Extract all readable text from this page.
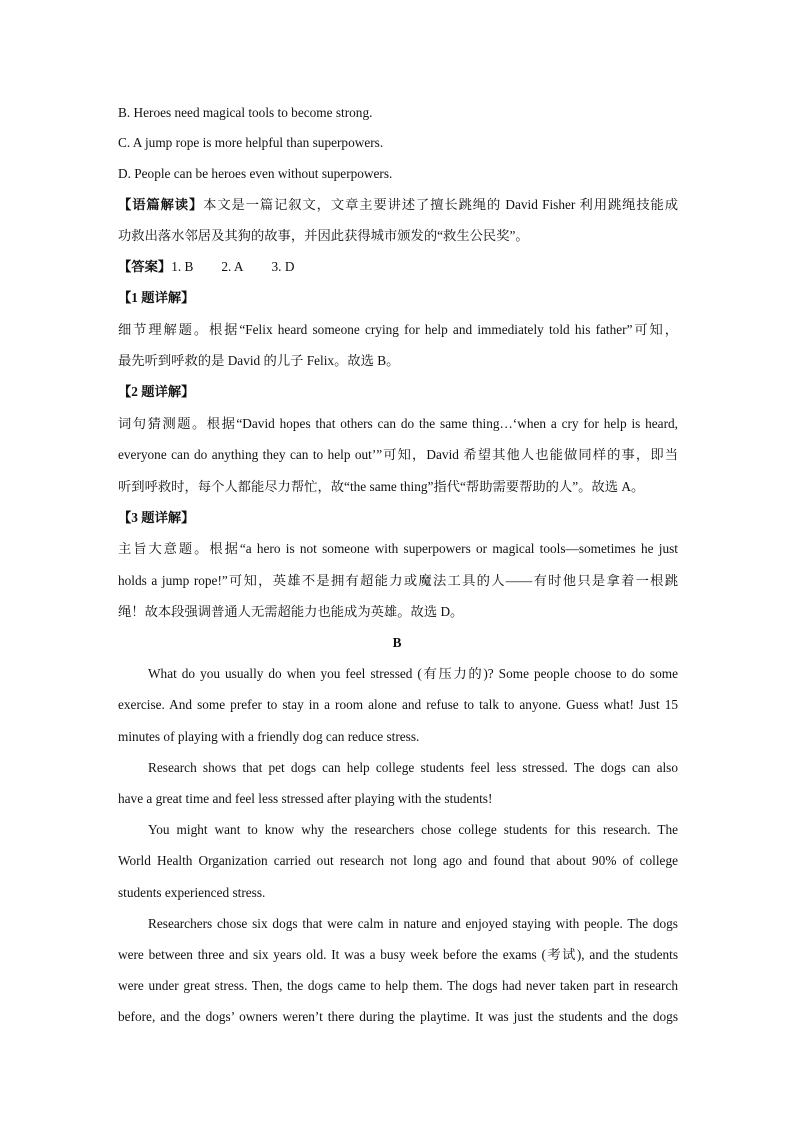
B. Heroes need magical tools to become strong.
C. A jump rope is more helpful than superpowers.
D. People can be heroes even without superpowers.
【语篇解读】本文是一篇记叙文，文章主要讲述了擅长跳绳的 David Fisher 利用跳绳技能成
功救出落水邻居及其狗的故事，并因此获得城市颁发的“救生公民奖”。
【答案】1. B 2. A 3. D
【1 题详解】
细节理解题。根据“Felix heard someone crying for help and immediately told his father”可知，
最先听到呼救的是 David 的儿子 Felix。故选 B。
【2 题详解】
词句猜测题。根据“David hopes that others can do the same thing…‘when a cry for help is heard,
everyone can do anything they can to help out’”可知，David 希望其他人也能做同样的事，即当
听到呼救时，每个人都能尽力帮忙，故“the same thing”指代“帮助需要帮助的人”。故选 A。
【3 题详解】
主旨大意题。根据“a hero is not someone with superpowers or magical tools—sometimes he just
holds a jump rope!”可知，英雄不是拥有超能力或魔法工具的人——有时他只是拿着一根跳
绳！故本段强调普通人无需超能力也能成为英雄。故选 D。
B
What do you usually do when you feel stressed (有压力的)? Some people choose to do some
exercise. And some prefer to stay in a room alone and refuse to talk to anyone. Guess what! Just 15
minutes of playing with a friendly dog can reduce stress.
Research shows that pet dogs can help college students feel less stressed. The dogs can also
have a great time and feel less stressed after playing with the students!
You might want to know why the researchers chose college students for this research. The
World Health Organization carried out research not long ago and found that about 90% of college
students experienced stress.
Researchers chose six dogs that were calm in nature and enjoyed staying with people. The dogs
were between three and six years old. It was a busy week before the exams (考试), and the students
were under great stress. Then, the dogs came to help them. The dogs had never taken part in research
before, and the dogs’ owners weren’t there during the playtime. It was just the students and the dogs
